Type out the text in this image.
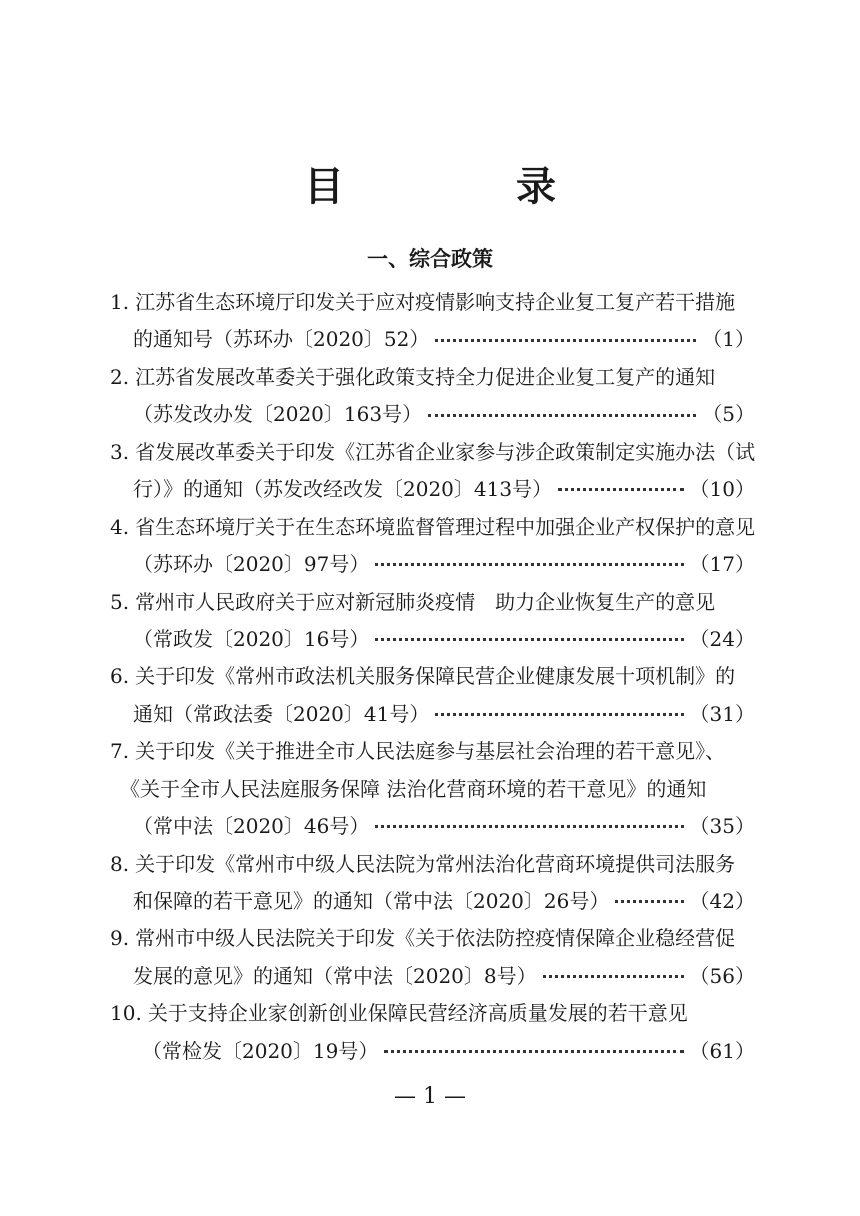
目　录
一、综合政策
1. 江苏省生态环境厅印发关于应对疫情影响支持企业复工复产若干措施
的通知号（苏环办〔2020〕52）	（1）
2. 江苏省发展改革委关于强化政策支持全力促进企业复工复产的通知
（苏发改办发〔2020〕163号）	（5）
3. 省发展改革委关于印发《江苏省企业家参与涉企政策制定实施办法（试
行）》的通知（苏发改经改发〔2020〕413号）	（10）
4. 省生态环境厅关于在生态环境监督管理过程中加强企业产权保护的意见
（苏环办〔2020〕97号）	（17）
5. 常州市人民政府关于应对新冠肺炎疫情　助力企业恢复生产的意见
（常政发〔2020〕16号）	（24）
6. 关于印发《常州市政法机关服务保障民营企业健康发展十项机制》的
通知（常政法委〔2020〕41号）	（31）
7. 关于印发《关于推进全市人民法庭参与基层社会治理的若干意见》、
《关于全市人民法庭服务保障 法治化营商环境的若干意见》的通知
（常中法〔2020〕46号）	（35）
8. 关于印发《常州市中级人民法院为常州法治化营商环境提供司法服务
和保障的若干意见》的通知（常中法〔2020〕26号）	（42）
9. 常州市中级人民法院关于印发《关于依法防控疫情保障企业稳经营促
发展的意见》的通知（常中法〔2020〕8号）	（56）
10. 关于支持企业家创新创业保障民营经济高质量发展的若干意见
（常检发〔2020〕19号）	（61）
— 1 —
